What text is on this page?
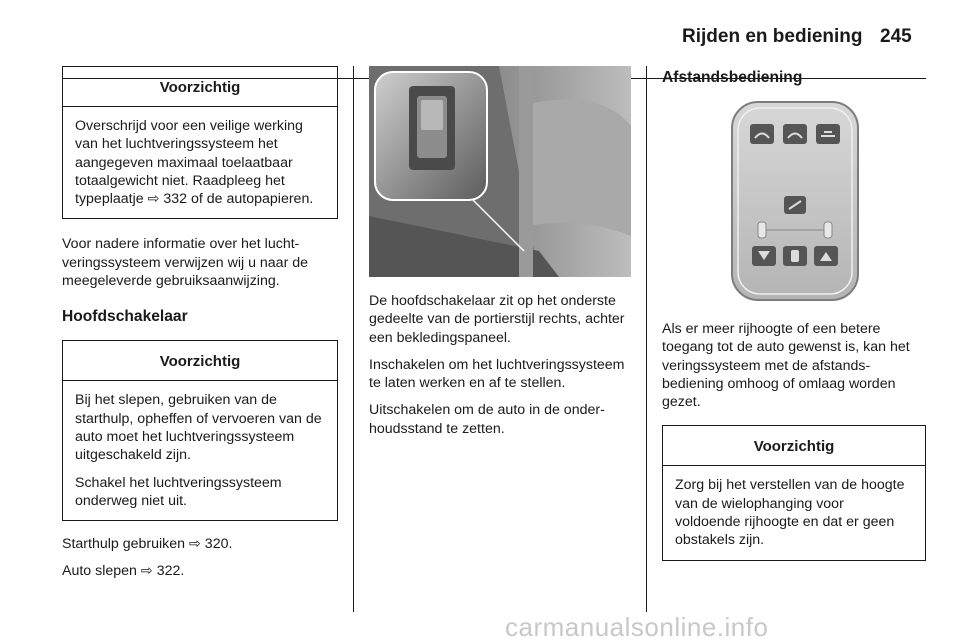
Rijden en bediening 245
Voorzichtig

Overschrijd voor een veilige werking van het luchtveringssysteem het aangegeven maximaal toelaatbaar totaalgewicht niet. Raadpleeg het typeplaatje ⇨ 332 of de autopapieren.

Voor nadere informatie over het luchtveringssysteem verwijzen wij u naar de meegeleverde gebruiksaanwijzing.

Hoofdschakelaar

Voorzichtig

Bij het slepen, gebruiken van de starthulp, opheffen of vervoeren van de auto moet het luchtveringssysteem uitgeschakeld zijn.

Schakel het luchtveringssysteem onderweg niet uit.

Starthulp gebruiken ⇨ 320.

Auto slepen ⇨ 322.

De hoofdschakelaar zit op het onderste gedeelte van de portierstijl rechts, achter een bekledingspaneel.

Inschakelen om het luchtveringssysteem te laten werken en af te stellen.

Uitschakelen om de auto in de onderhoudsstand te zetten.

Afstandsbediening

Als er meer rijhoogte of een betere toegang tot de auto gewenst is, kan het veringssysteem met de afstandsbediening omhoog of omlaag worden gezet.

Voorzichtig

Zorg bij het verstellen van de hoogte van de wielophanging voor voldoende rijhoogte en dat er geen obstakels zijn.

carmanualsonline.info
